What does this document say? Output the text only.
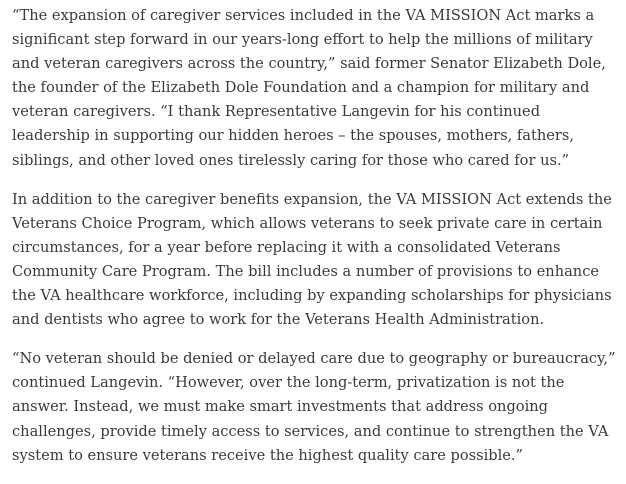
“The expansion of caregiver services included in the VA MISSION Act marks a significant step forward in our years-long effort to help the millions of military and veteran caregivers across the country,” said former Senator Elizabeth Dole, the founder of the Elizabeth Dole Foundation and a champion for military and veteran caregivers. “I thank Representative Langevin for his continued leadership in supporting our hidden heroes – the spouses, mothers, fathers, siblings, and other loved ones tirelessly caring for those who cared for us.”

In addition to the caregiver benefits expansion, the VA MISSION Act extends the Veterans Choice Program, which allows veterans to seek private care in certain circumstances, for a year before replacing it with a consolidated Veterans Community Care Program. The bill includes a number of provisions to enhance the VA healthcare workforce, including by expanding scholarships for physicians and dentists who agree to work for the Veterans Health Administration.

“No veteran should be denied or delayed care due to geography or bureaucracy,” continued Langevin. “However, over the long-term, privatization is not the answer. Instead, we must make smart investments that address ongoing challenges, provide timely access to services, and continue to strengthen the VA system to ensure veterans receive the highest quality care possible.”
